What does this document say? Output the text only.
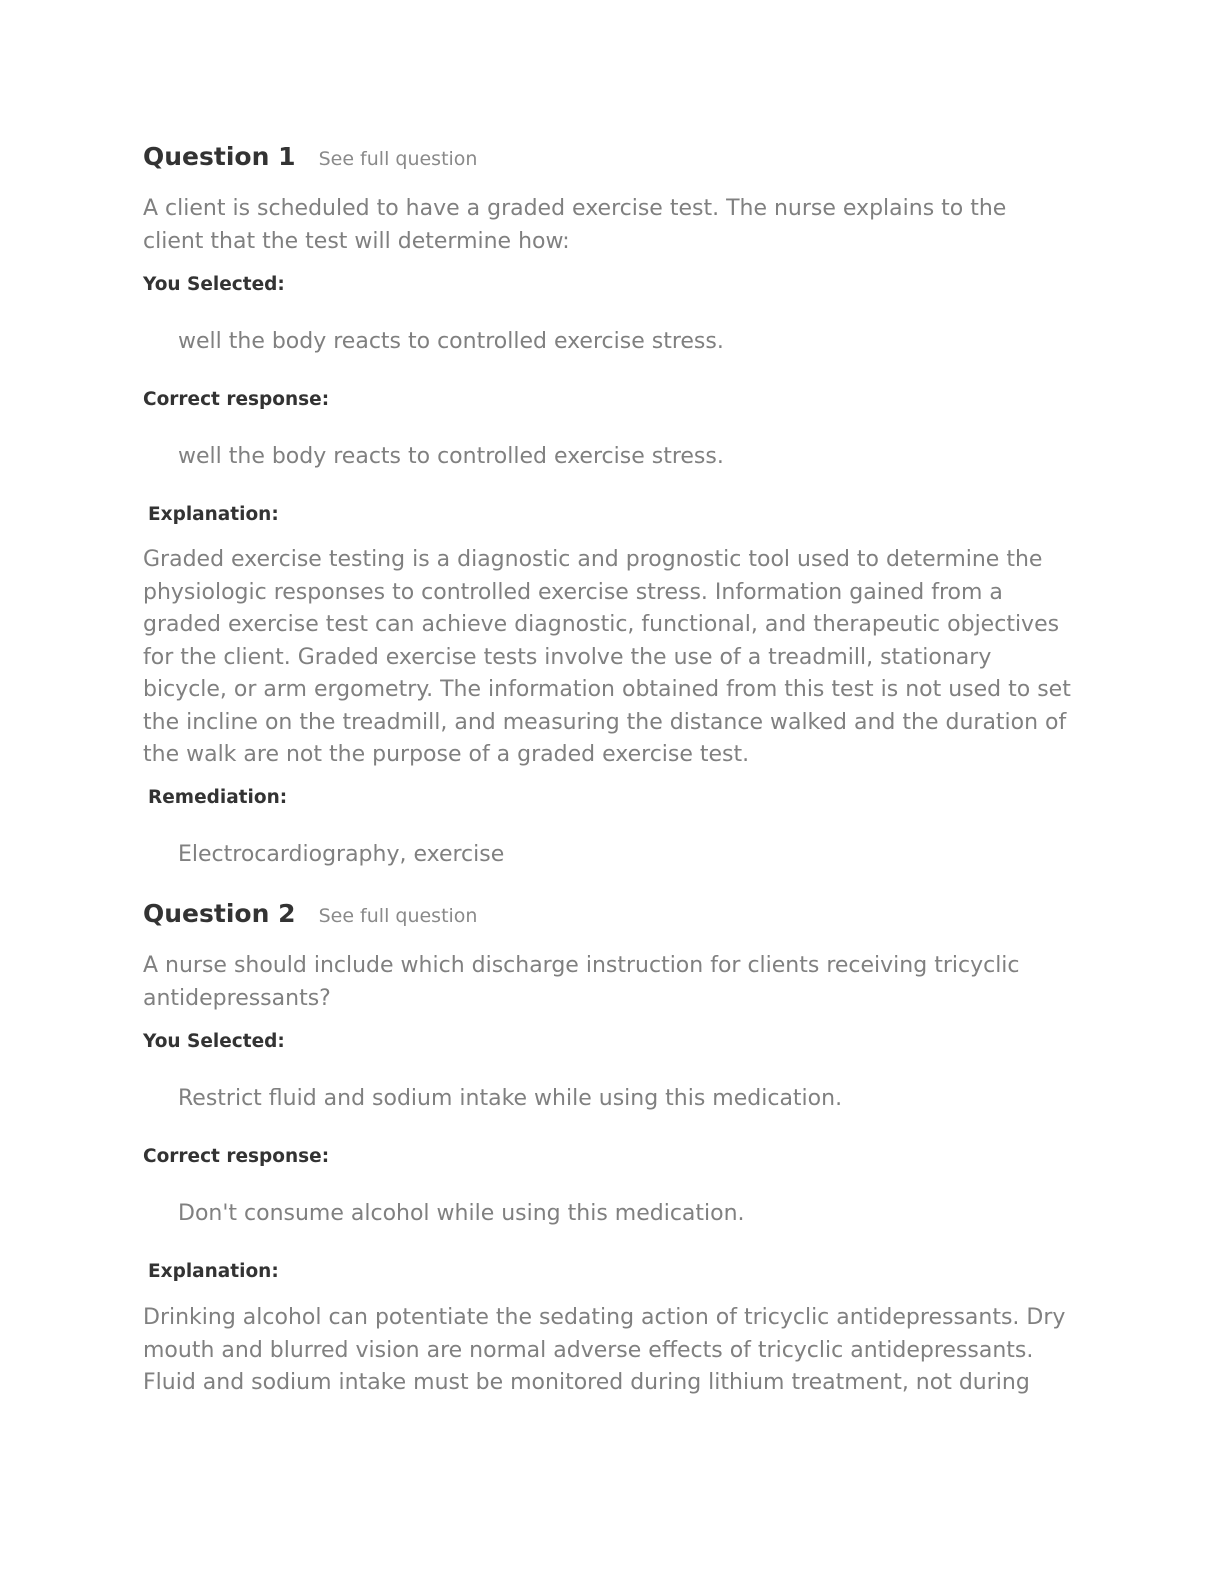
Question 1 See full question

A client is scheduled to have a graded exercise test. The nurse explains to the client that the test will determine how:

You Selected:
well the body reacts to controlled exercise stress.
Correct response:
well the body reacts to controlled exercise stress.
Explanation:

Graded exercise testing is a diagnostic and prognostic tool used to determine the physiologic responses to controlled exercise stress. Information gained from a graded exercise test can achieve diagnostic, functional, and therapeutic objectives for the client. Graded exercise tests involve the use of a treadmill, stationary bicycle, or arm ergometry. The information obtained from this test is not used to set the incline on the treadmill, and measuring the distance walked and the duration of the walk are not the purpose of a graded exercise test.

Remediation:
Electrocardiography, exercise
Question 2 See full question

A nurse should include which discharge instruction for clients receiving tricyclic antidepressants?

You Selected:
Restrict fluid and sodium intake while using this medication.
Correct response:
Don't consume alcohol while using this medication.
Explanation:

Drinking alcohol can potentiate the sedating action of tricyclic antidepressants. Dry mouth and blurred vision are normal adverse effects of tricyclic antidepressants. Fluid and sodium intake must be monitored during lithium treatment, not during
